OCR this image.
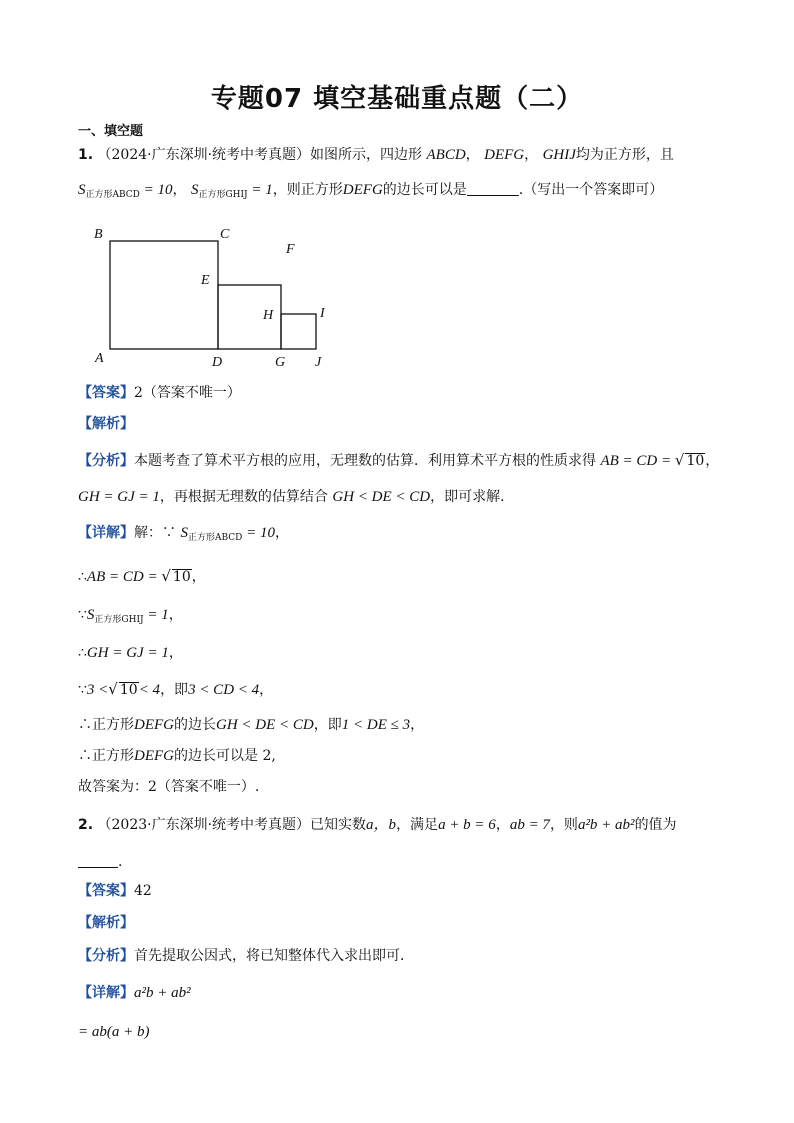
专题07 填空基础重点题（二）
一、填空题
1. （2024·广东深圳·统考中考真题）如图所示，四边形 ABCD， DEFG， GHIJ均为正方形，且
$S_{正方形ABCD} = 10$， $S_{正方形GHIJ} = 1$，则正方形DEFG的边长可以是	.（写出一个答案即可）
B	C
E
F
H	I
A	D	G J
【答案】2（答案不唯一）
【解析】
【分析】本题考查了算术平方根的应用，无理数的估算．利用算术平方根的性质求得 AB = CD = √ 10，
GH = GJ = 1，再根据无理数的估算结合 GH < DE < CD，即可求解．
【详解】解：∵ $S_{正方形ABCD} = 10$，
∴AB = CD = √ 10，
$\because S_{正方形GHIJ} = 1$，
∴GH = GJ = 1，
∵3 <√ 10< 4，即3 < CD < 4，
∴正方形DEFG的边长GH < DE < CD，即1 < DE ≤ 3，
∴正方形DEFG的边长可以是 2,
故答案为：2（答案不唯一）.
2. （2023·广东深圳·统考中考真题）已知实数a，b，满足a + b = 6，ab = 7，则a²b + ab²的值为
.
【答案】42
【解析】
【分析】首先提取公因式，将已知整体代入求出即可．
【详解】a²b + ab²
= ab(a + b)
